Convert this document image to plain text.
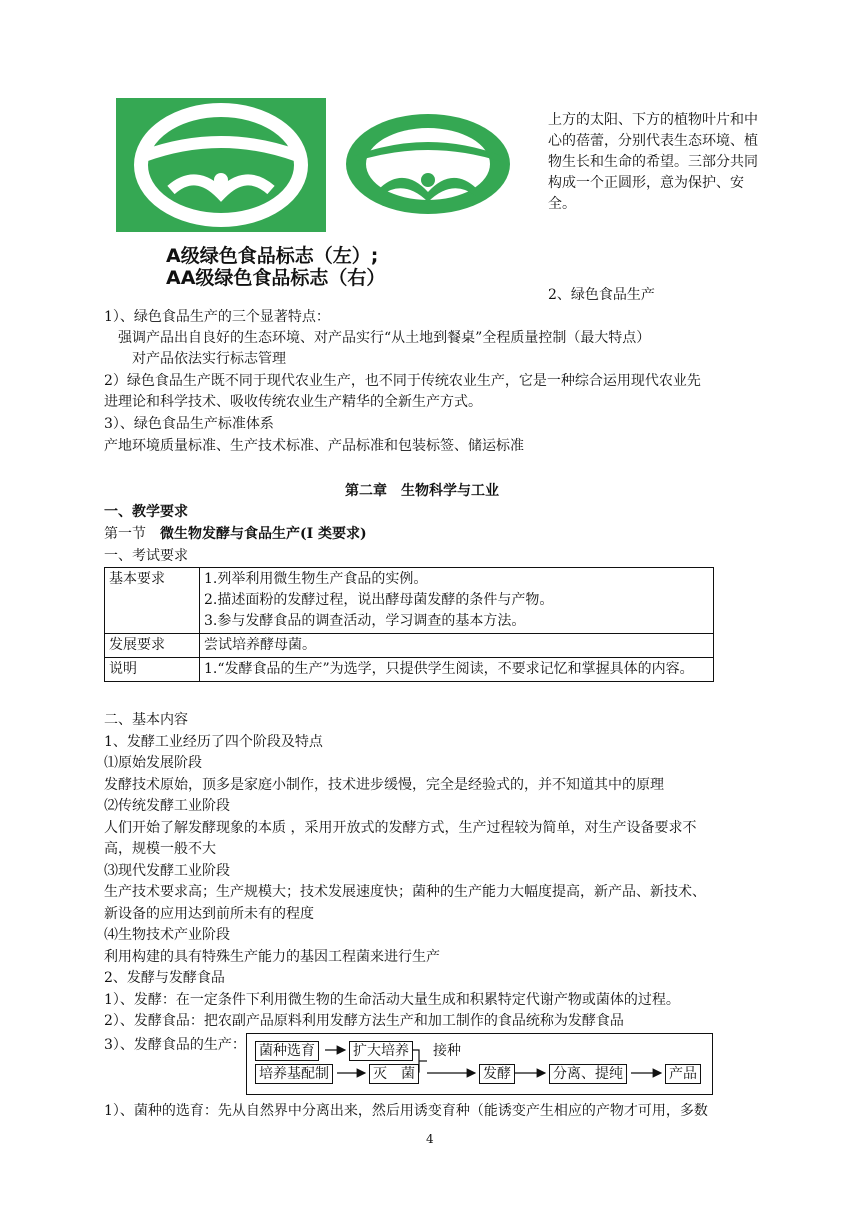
A级绿色食品标志（左）;
AA级绿色食品标志（右）
上方的太阳、下方的植物叶片和中心的蓓蕾，分别代表生态环境、植物生长和生命的希望。三部分共同构成一个正圆形，意为保护、安全。
2、绿色食品生产
1）、绿色食品生产的三个显著特点：
强调产品出自良好的生态环境、对产品实行“从土地到餐桌”全程质量控制（最大特点）
对产品依法实行标志管理
2）绿色食品生产既不同于现代农业生产，也不同于传统农业生产，它是一种综合运用现代农业先
进理论和科学技术、吸收传统农业生产精华的全新生产方式。
3）、绿色食品生产标准体系
产地环境质量标准、生产技术标准、产品标准和包装标签、储运标准
第二章　生物科学与工业
一、教学要求
第一节　微生物发酵与食品生产(I 类要求)
一、考试要求
基本要求	1.列举利用微生物生产食品的实例。
2.描述面粉的发酵过程，说出酵母菌发酵的条件与产物。
3.参与发酵食品的调查活动，学习调查的基本方法。

发展要求	尝试培养酵母菌。
说明	1.“发酵食品的生产”为选学，只提供学生阅读，不要求记忆和掌握具体的内容。
二、基本内容
1、发酵工业经历了四个阶段及特点
⑴原始发展阶段
发酵技术原始，顶多是家庭小制作，技术进步缓慢，完全是经验式的，并不知道其中的原理
⑵传统发酵工业阶段
人们开始了解发酵现象的本质 ，采用开放式的发酵方式，生产过程较为简单，对生产设备要求不
高，规模一般不大
⑶现代发酵工业阶段
生产技术要求高；生产规模大；技术发展速度快；菌种的生产能力大幅度提高，新产品、新技术、
新设备的应用达到前所未有的程度
⑷生物技术产业阶段
利用构建的具有特殊生产能力的基因工程菌来进行生产
2、发酵与发酵食品
1）、发酵：在一定条件下利用微生物的生命活动大量生成和积累特定代谢产物或菌体的过程。
2）、发酵食品：把农副产品原料利用发酵方法生产和加工制作的食品统称为发酵食品
3）、发酵食品的生产： 菌种选育	扩大培养
培养基配制	灭　菌
接种
发酵	分离、提纯	产品
1）、菌种的选育：先从自然界中分离出来，然后用诱变育种（能诱变产生相应的产物才可用，多数
4
